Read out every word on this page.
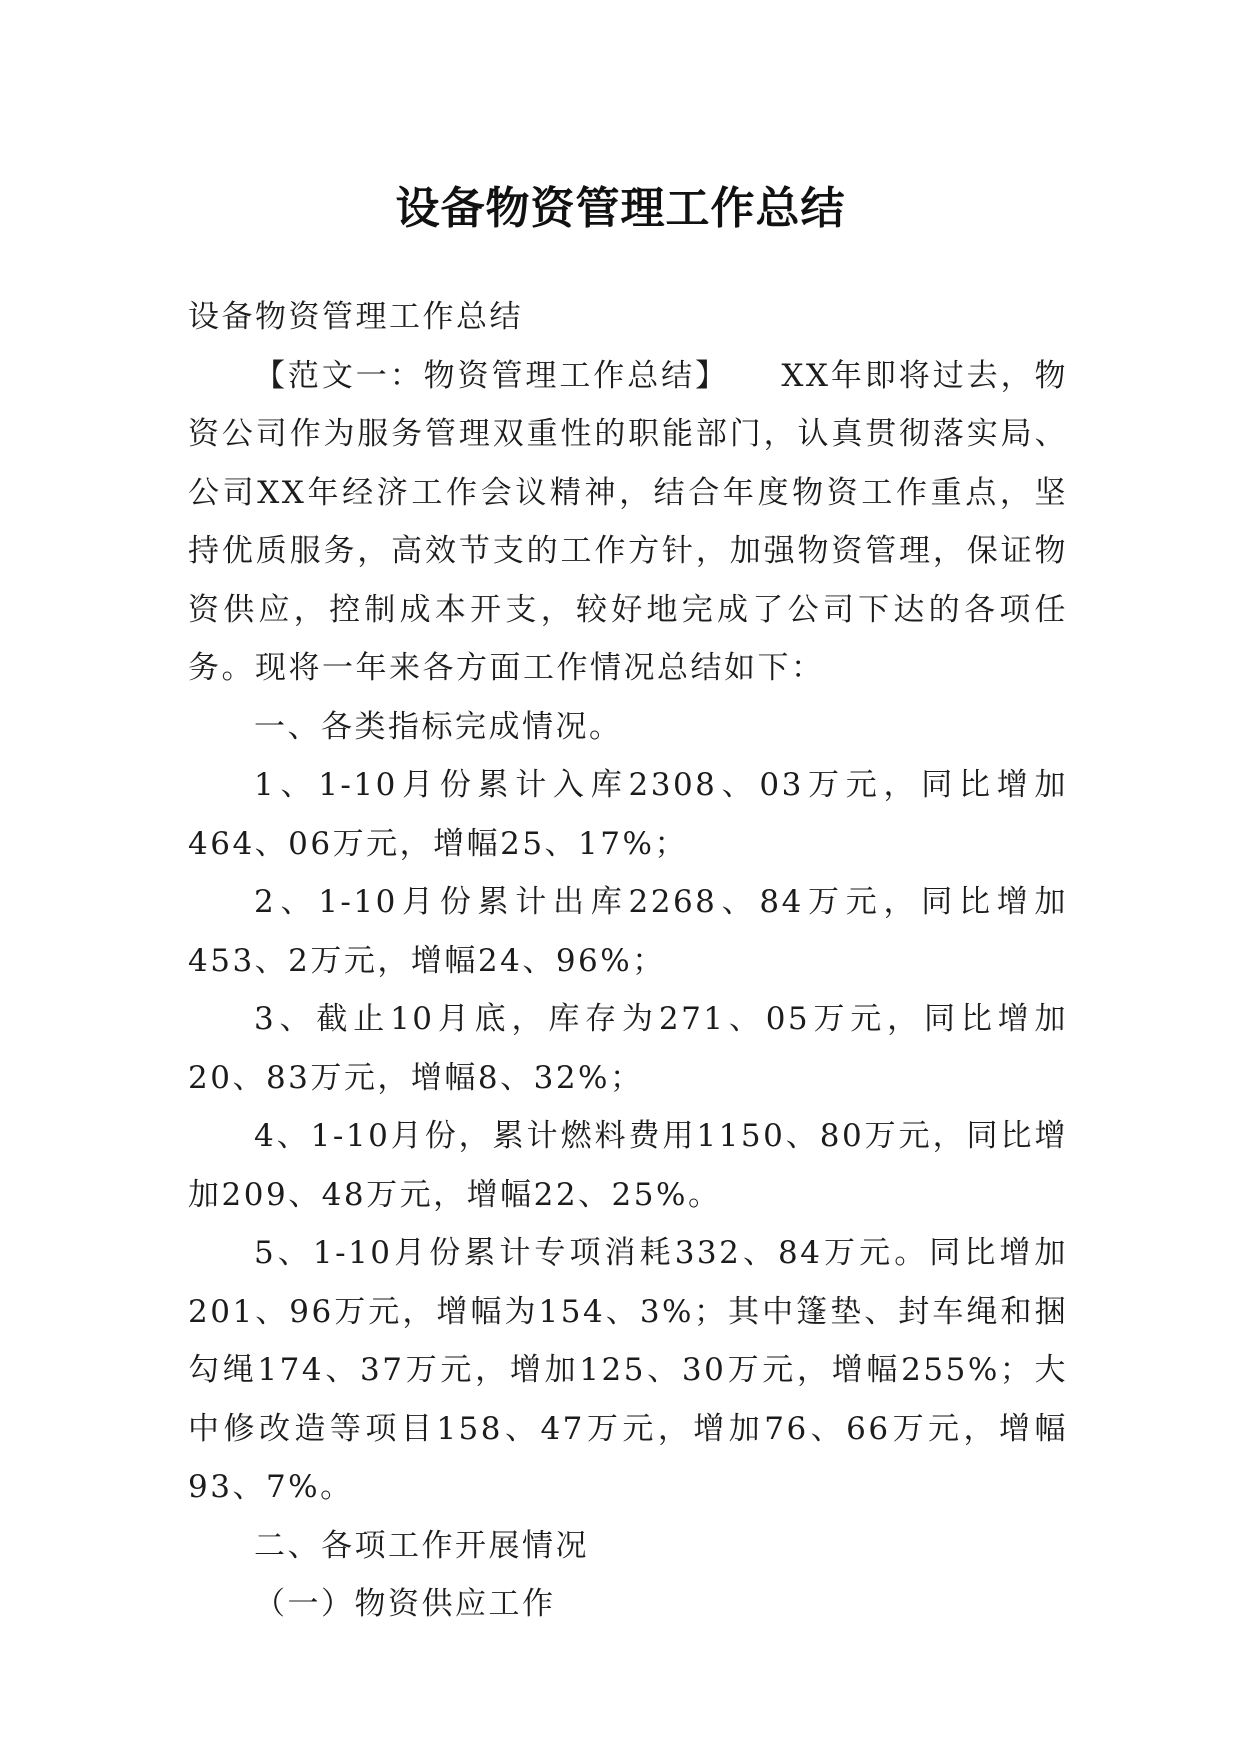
设备物资管理工作总结

设备物资管理工作总结

【范文一：物资管理工作总结】　　XX年即将过去，物资公司作为服务管理双重性的职能部门，认真贯彻落实局、公司XX年经济工作会议精神，结合年度物资工作重点，坚持优质服务，高效节支的工作方针，加强物资管理，保证物资供应，控制成本开支，较好地完成了公司下达的各项任务。现将一年来各方面工作情况总结如下：

一、各类指标完成情况。

1、1-10月份累计入库2308、03万元，同比增加464、06万元，增幅25、17%；

2、1-10月份累计出库2268、84万元，同比增加453、2万元，增幅24、96%；

3、截止10月底，库存为271、05万元，同比增加20、83万元，增幅8、32%；

4、1-10月份，累计燃料费用1150、80万元，同比增加209、48万元，增幅22、25%。

5、1-10月份累计专项消耗332、84万元。同比增加201、96万元，增幅为154、3%；其中篷垫、封车绳和捆勾绳174、37万元，增加125、30万元，增幅255%；大中修改造等项目158、47万元，增加76、66万元，增幅93、7%。

二、各项工作开展情况

（一）物资供应工作
